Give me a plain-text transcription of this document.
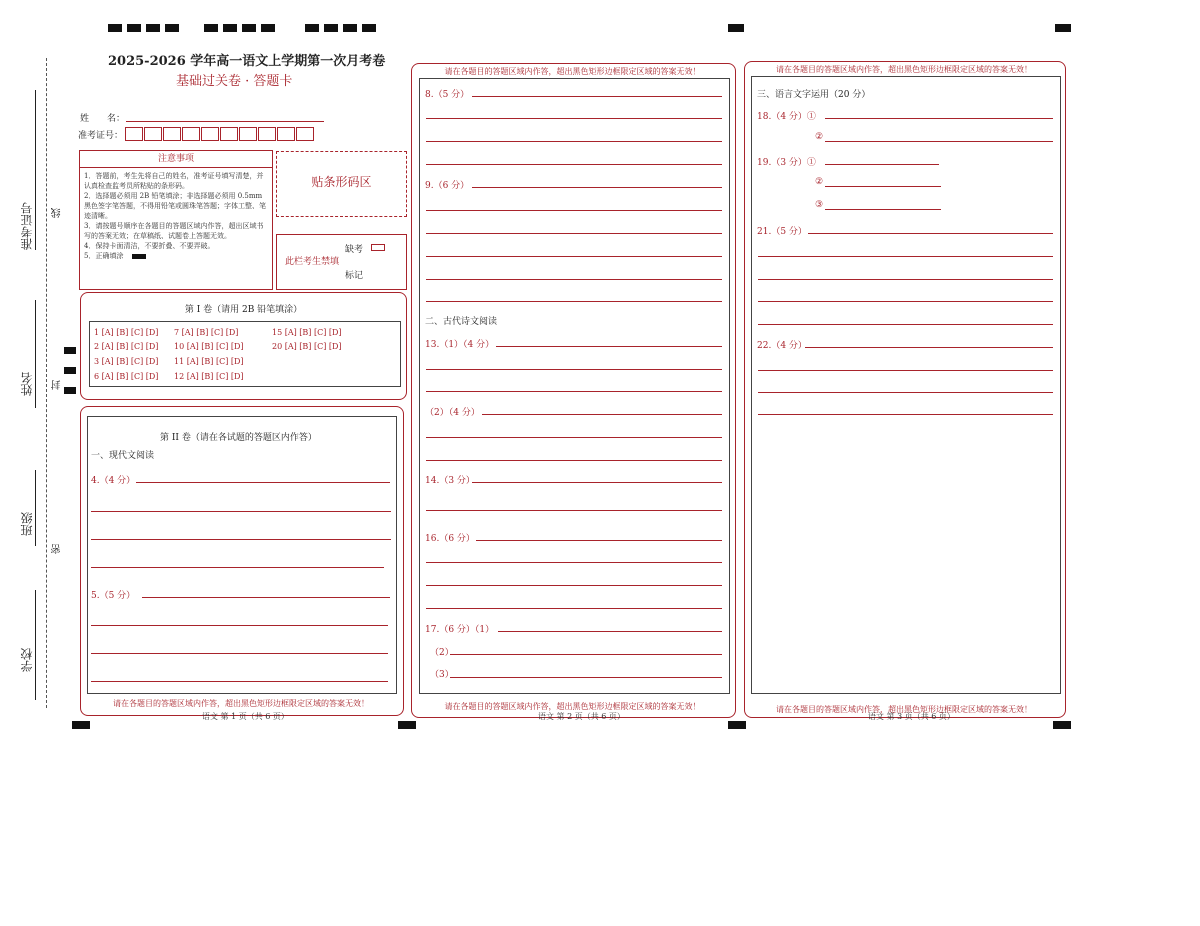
准考证号 线
姓名 封
班级
密
学校
2025-2026 学年高一语文上学期第一次月考卷
基础过关卷 · 答题卡
姓　　名：
准考证号：
注意事项
1．答题前，考生先将自己的姓名，准考证号填写清楚，并认真检查监考员所粘贴的条形码。
2．选择题必须用 2B 铅笔填涂；非选择题必须用 0.5mm 黑色签字笔答题，不得用铅笔或圆珠笔答题；字体工整、笔迹清晰。
3．请按题号顺序在各题目的答题区域内作答，超出区域书写的答案无效；在草稿纸、试题卷上答题无效。
4．保持卡面清洁，不要折叠、不要弄破。
5．正确填涂
贴条形码区
缺考
此栏考生禁填
标记
第 I 卷（请用 2B 铅笔填涂）
1 [A] [B] [C] [D]
2 [A] [B] [C] [D]
3 [A] [B] [C] [D]
6 [A] [B] [C] [D]
7 [A] [B] [C] [D]
10 [A] [B] [C] [D]
11 [A] [B] [C] [D]
12 [A] [B] [C] [D]
15 [A] [B] [C] [D]
20 [A] [B] [C] [D]
第 II 卷（请在各试题的答题区内作答）
一、现代文阅读
4.（4 分）
5.（5 分）
请在各题目的答题区域内作答，超出黑色矩形边框限定区域的答案无效！
语文 第 1 页（共 6 页）
请在各题目的答题区域内作答，超出黑色矩形边框限定区域的答案无效！
8.（5 分）
9.（6 分）
二、古代诗文阅读
13.（1）（4 分）
（2）（4 分）
14.（3 分）
16.（6 分）
17.（6 分）（1）
（2）
（3）
请在各题目的答题区域内作答，超出黑色矩形边框限定区域的答案无效！
语文 第 2 页（共 6 页）
请在各题目的答题区域内作答，超出黑色矩形边框限定区域的答案无效！
三、语言文字运用（20 分）
18.（4 分）①
②
19.（3 分）①
②
③
21.（5 分）
22.（4 分）
请在各题目的答题区域内作答，超出黑色矩形边框限定区域的答案无效！
语文 第 3 页（共 6 页）
